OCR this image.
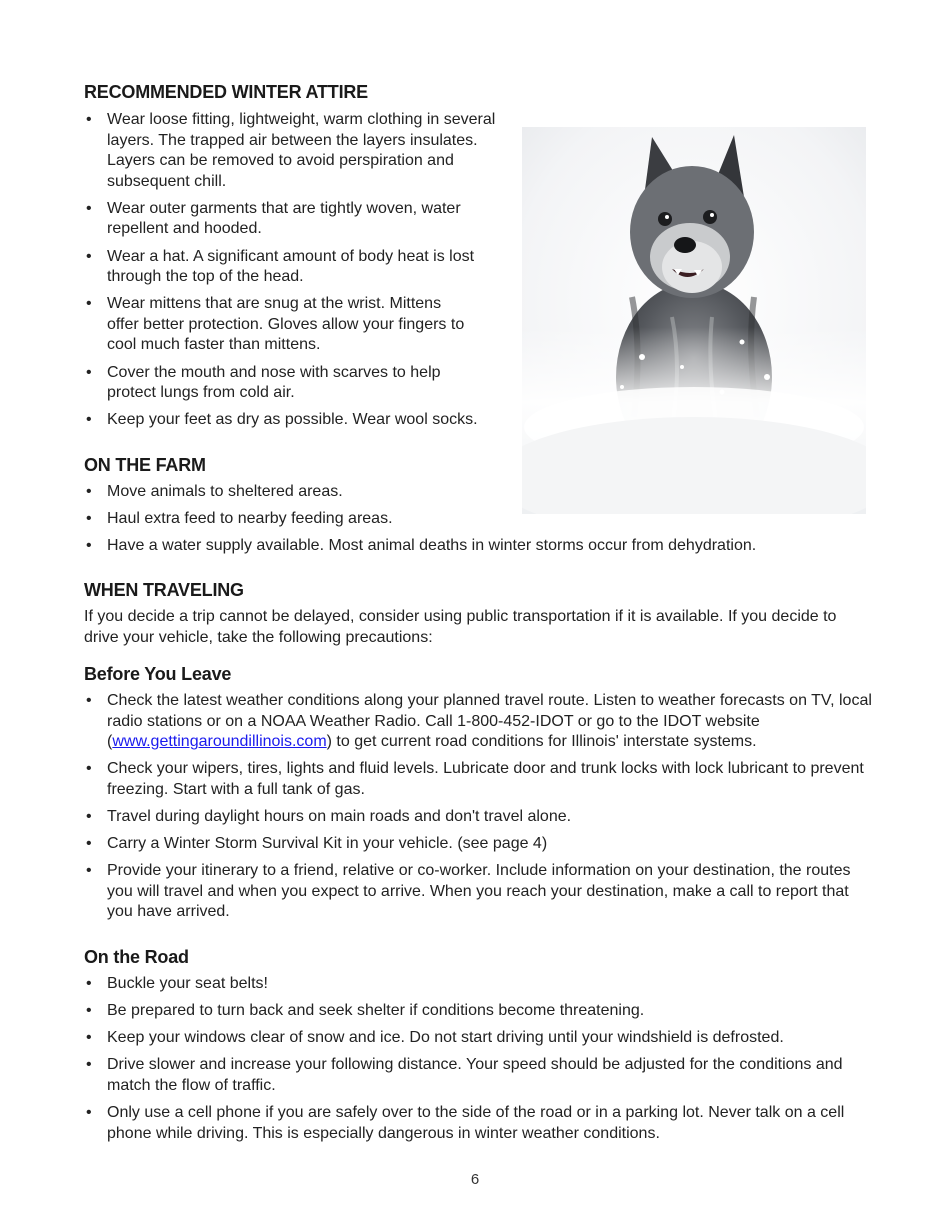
RECOMMENDED WINTER ATTIRE
• Wear loose fitting, lightweight, warm clothing in several layers. The trapped air between the layers insulates. Layers can be removed to avoid perspiration and subsequent chill.
• Wear outer garments that are tightly woven, water repellent and hooded.
• Wear a hat. A significant amount of body heat is lost through the top of the head.
• Wear mittens that are snug at the wrist. Mittens offer better protection. Gloves allow your fingers to cool much faster than mittens.
• Cover the mouth and nose with scarves to help protect lungs from cold air.
• Keep your feet as dry as possible. Wear wool socks.
ON THE FARM
• Move animals to sheltered areas.
• Haul extra feed to nearby feeding areas.
• Have a water supply available. Most animal deaths in winter storms occur from dehydration.
WHEN TRAVELING

If you decide a trip cannot be delayed, consider using public transportation if it is available. If you decide to drive your vehicle, take the following precautions:

Before You Leave
• Check the latest weather conditions along your planned travel route. Listen to weather forecasts on TV, local radio stations or on a NOAA Weather Radio. Call 1-800-452-IDOT or go to the IDOT website (www.gettingaroundillinois.com) to get current road conditions for Illinois' interstate systems.
• Check your wipers, tires, lights and fluid levels. Lubricate door and trunk locks with lock lubricant to prevent freezing. Start with a full tank of gas.
• Travel during daylight hours on main roads and don't travel alone.
• Carry a Winter Storm Survival Kit in your vehicle. (see page 4)
• Provide your itinerary to a friend, relative or co-worker. Include information on your destination, the routes you will travel and when you expect to arrive. When you reach your destination, make a call to report that you have arrived.
On the Road
• Buckle your seat belts!
• Be prepared to turn back and seek shelter if conditions become threatening.
• Keep your windows clear of snow and ice. Do not start driving until your windshield is defrosted.
• Drive slower and increase your following distance. Your speed should be adjusted for the conditions and match the flow of traffic.
• Only use a cell phone if you are safely over to the side of the road or in a parking lot. Never talk on a cell phone while driving. This is especially dangerous in winter weather conditions.
6
